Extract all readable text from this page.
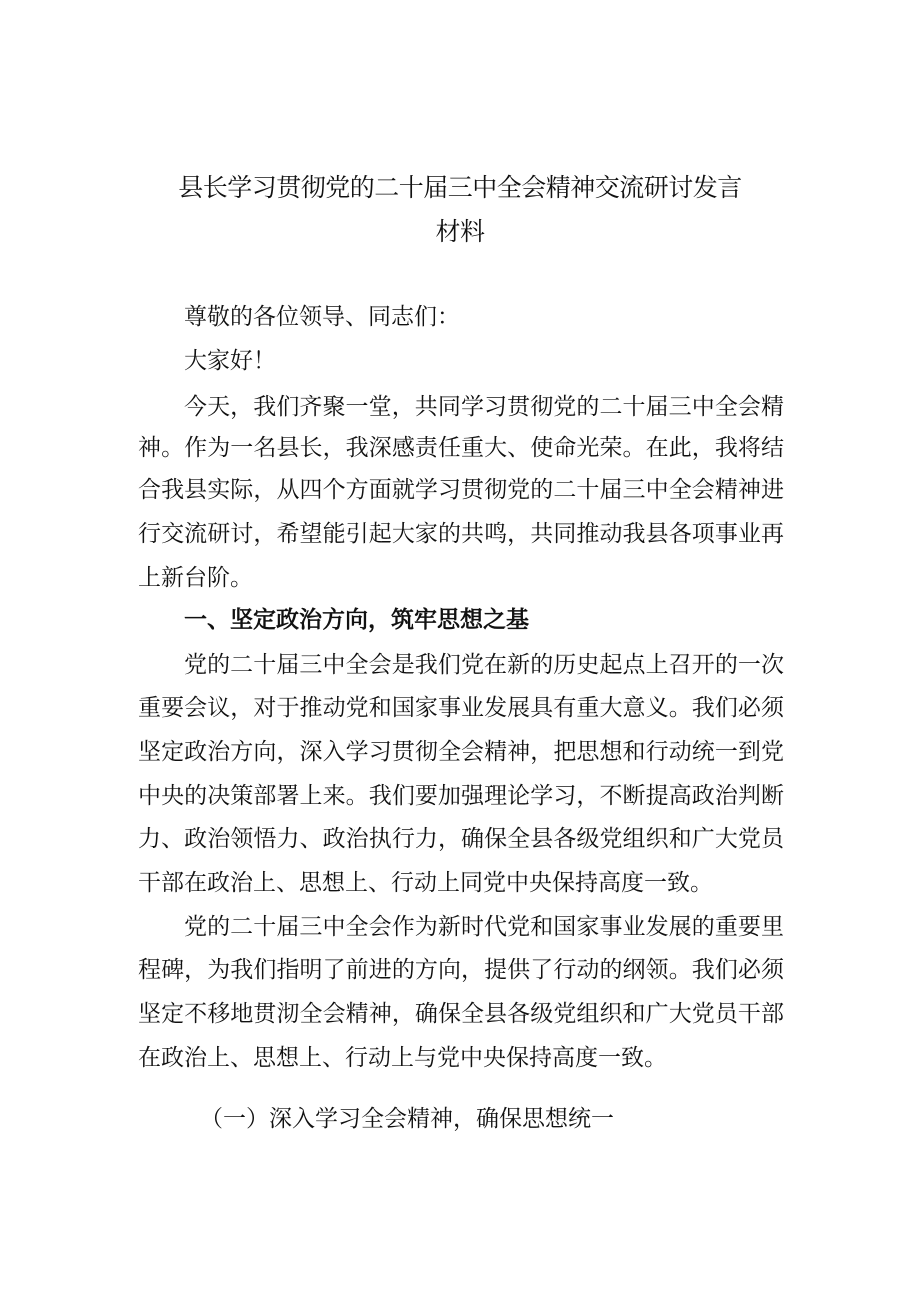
县长学习贯彻党的二十届三中全会精神交流研讨发言
材料

尊敬的各位领导、同志们：

大家好！

今天，我们齐聚一堂，共同学习贯彻党的二十届三中全会精

神。作为一名县长，我深感责任重大、使命光荣。在此，我将结

合我县实际，从四个方面就学习贯彻党的二十届三中全会精神进

行交流研讨，希望能引起大家的共鸣，共同推动我县各项事业再

上新台阶。

一、坚定政治方向，筑牢思想之基

党的二十届三中全会是我们党在新的历史起点上召开的一次

重要会议，对于推动党和国家事业发展具有重大意义。我们必须

坚定政治方向，深入学习贯彻全会精神，把思想和行动统一到党

中央的决策部署上来。我们要加强理论学习，不断提高政治判断

力、政治领悟力、政治执行力，确保全县各级党组织和广大党员

干部在政治上、思想上、行动上同党中央保持高度一致。

党的二十届三中全会作为新时代党和国家事业发展的重要里

程碑，为我们指明了前进的方向，提供了行动的纲领。我们必须

坚定不移地贯沏全会精神，确保全县各级党组织和广大党员干部

在政治上、思想上、行动上与党中央保持高度一致。

（一）深入学习全会精神，确保思想统一
